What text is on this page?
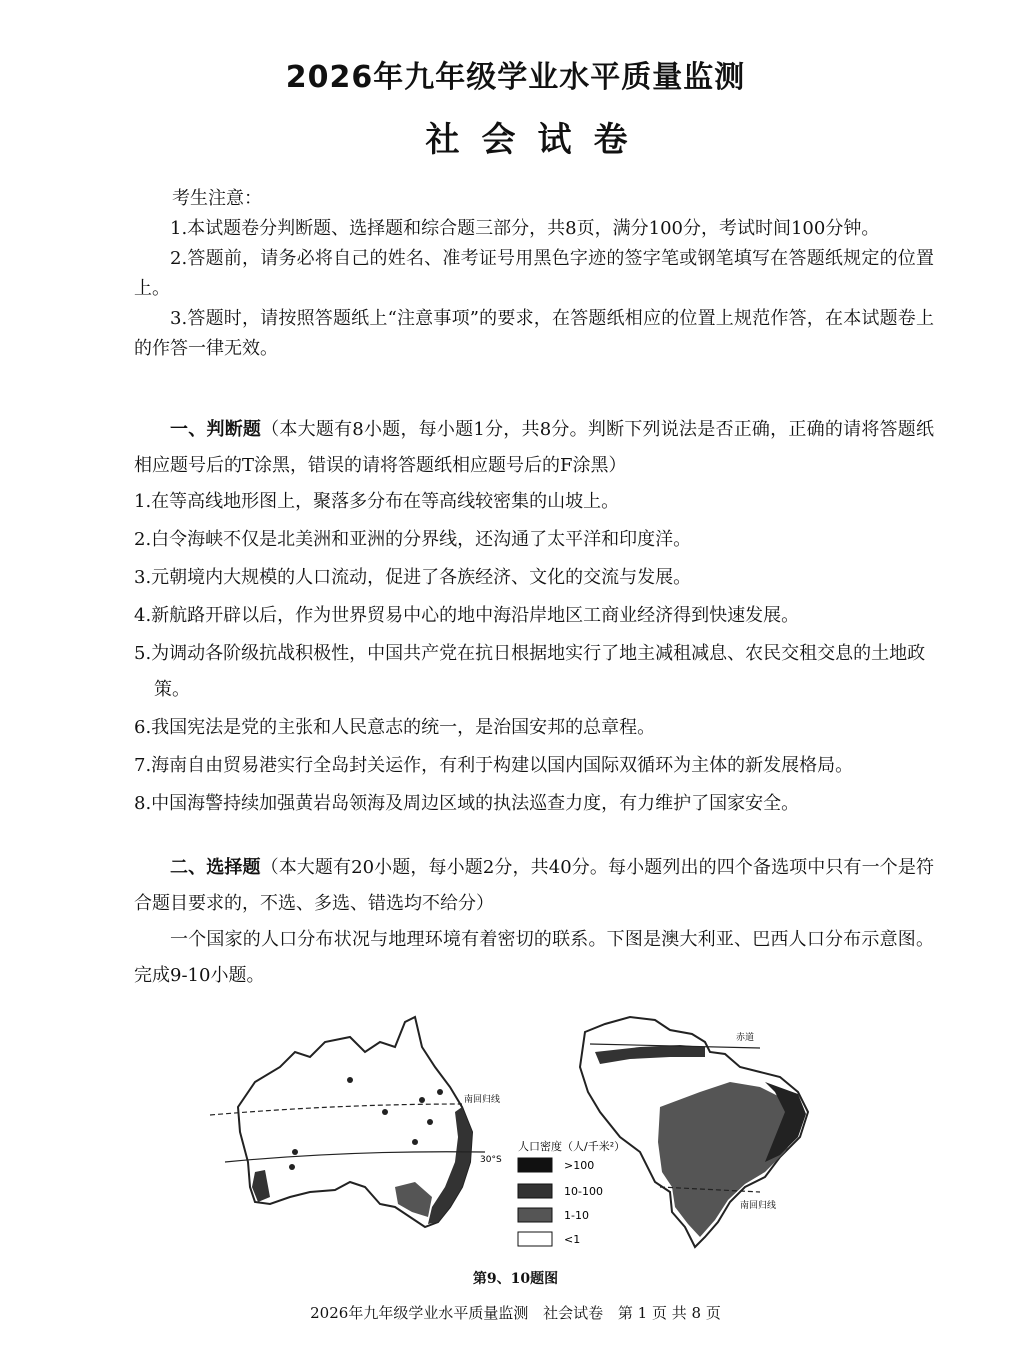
2026年九年级学业水平质量监测
社会试卷
考生注意：
1.本试题卷分判断题、选择题和综合题三部分，共8页，满分100分，考试时间100分钟。
2.答题前，请务必将自己的姓名、准考证号用黑色字迹的签字笔或钢笔填写在答题纸规定的位置上。
3.答题时，请按照答题纸上“注意事项”的要求，在答题纸相应的位置上规范作答，在本试题卷上的作答一律无效。
一、判断题（本大题有8小题，每小题1分，共8分。判断下列说法是否正确，正确的请将答题纸相应题号后的T涂黑，错误的请将答题纸相应题号后的F涂黑）

1.在等高线地形图上，聚落多分布在等高线较密集的山坡上。

2.白令海峡不仅是北美洲和亚洲的分界线，还沟通了太平洋和印度洋。

3.元朝境内大规模的人口流动，促进了各族经济、文化的交流与发展。

4.新航路开辟以后，作为世界贸易中心的地中海沿岸地区工商业经济得到快速发展。

5.为调动各阶级抗战积极性，中国共产党在抗日根据地实行了地主减租减息、农民交租交息的土地政策。

6.我国宪法是党的主张和人民意志的统一，是治国安邦的总章程。

7.海南自由贸易港实行全岛封关运作，有利于构建以国内国际双循环为主体的新发展格局。

8.中国海警持续加强黄岩岛领海及周边区域的执法巡查力度，有力维护了国家安全。

二、选择题（本大题有20小题，每小题2分，共40分。每小题列出的四个备选项中只有一个是符合题目要求的，不选、多选、错选均不给分）
一个国家的人口分布状况与地理环境有着密切的联系。下图是澳大利亚、巴西人口分布示意图。完成9-10小题。
南回归线
30°S
人口密度（人/千米²）
>100
10-100
1-10
<1
赤道
南回归线
第9、10题图
2026年九年级学业水平质量监测 社会试卷 第 1 页 共 8 页
